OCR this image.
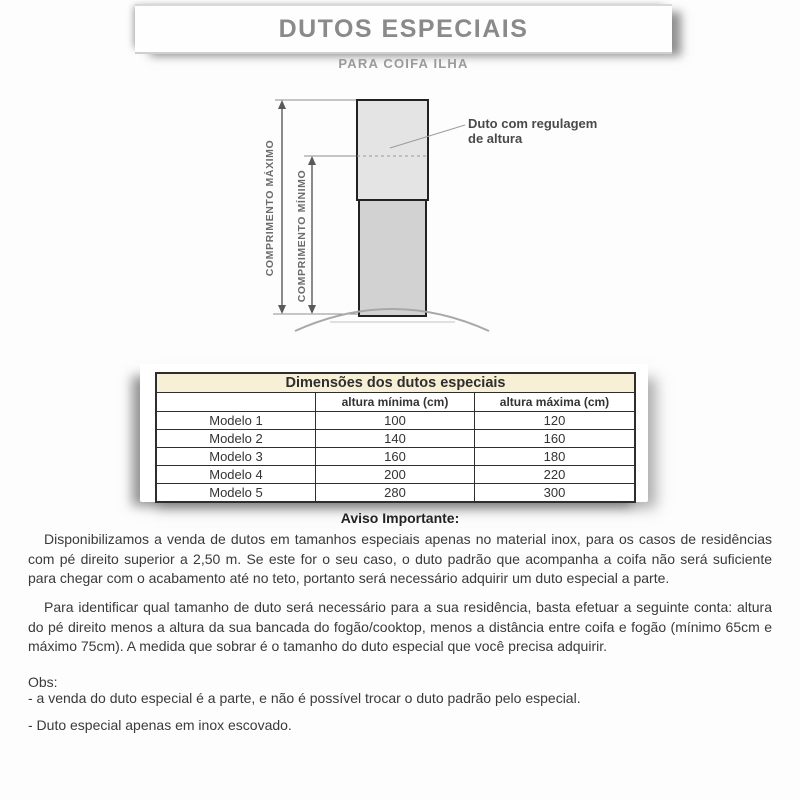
DUTOS ESPECIAIS
PARA COIFA ILHA
COMPRIMENTO MÁXIMO COMPRIMENTO MÍNIMO
Duto com regulagem
de altura
Dimensões dos dutos especiais		
	altura mínima (cm)	altura máxima (cm)
Modelo 1	100	120
Modelo 2	140	160
Modelo 3	160	180
Modelo 4	200	220
Modelo 5	280	300
Aviso Importante:
Disponibilizamos a venda de dutos em tamanhos especiais apenas no material inox, para os casos de residências com pé direito superior a 2,50 m. Se este for o seu caso, o duto padrão que acompanha a coifa não será suficiente para chegar com o acabamento até no teto, portanto será necessário adquirir um duto especial a parte.
Para identificar qual tamanho de duto será necessário para a sua residência, basta efetuar a seguinte conta: altura do pé direito menos a altura da sua bancada do fogão/cooktop, menos a distância entre coifa e fogão (mínimo 65cm e máximo 75cm). A medida que sobrar é o tamanho do duto especial que você precisa adquirir.
Obs:
- a venda do duto especial é a parte, e não é possível trocar o duto padrão pelo especial.
- Duto especial apenas em inox escovado.
